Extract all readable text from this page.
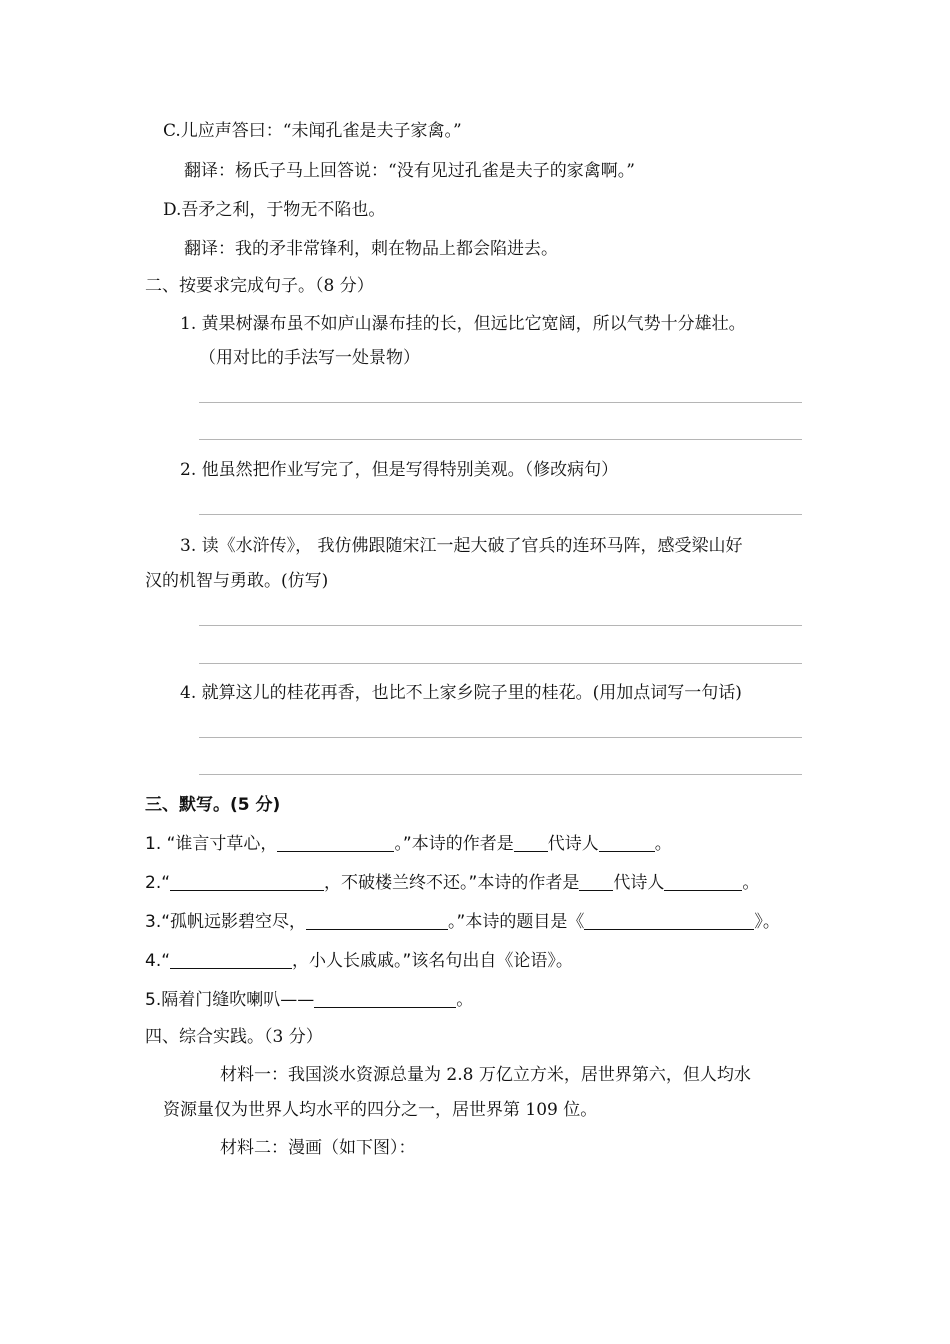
C.儿应声答曰：“未闻孔雀是夫子家禽。”
翻译：杨氏子马上回答说：“没有见过孔雀是夫子的家禽啊。”
D.吾矛之利，于物无不陷也。
翻译：我的矛非常锋利，刺在物品上都会陷进去。
二、按要求完成句子。（8 分）
1. 黄果树瀑布虽不如庐山瀑布挂的长，但远比它宽阔，所以气势十分雄壮。
（用对比的手法写一处景物）
2. 他虽然把作业写完了，但是写得特别美观。（修改病句）
3. 读《水浒传》， 我仿佛跟随宋江一起大破了官兵的连环马阵，感受梁山好
汉的机智与勇敢。(仿写)
4. 就算这儿的桂花再香，也比不上家乡院子里的桂花。(用加点词写一句话)
三、默写。(5 分)
1. “谁言寸草心，	。”本诗的作者是 代诗人	。
2.“	，不破楼兰终不还。”本诗的作者是 代诗人	。
3.“孤帆远影碧空尽，	。”本诗的题目是《	》。
4.“	，小人长戚戚。”该名句出自《论语》。
5.隔着门缝吹喇叭——	。
四、综合实践。（3 分）
材料一：我国淡水资源总量为 2.8 万亿立方米，居世界第六，但人均水
资源量仅为世界人均水平的四分之一，居世界第 109 位。
材料二：漫画（如下图）：
